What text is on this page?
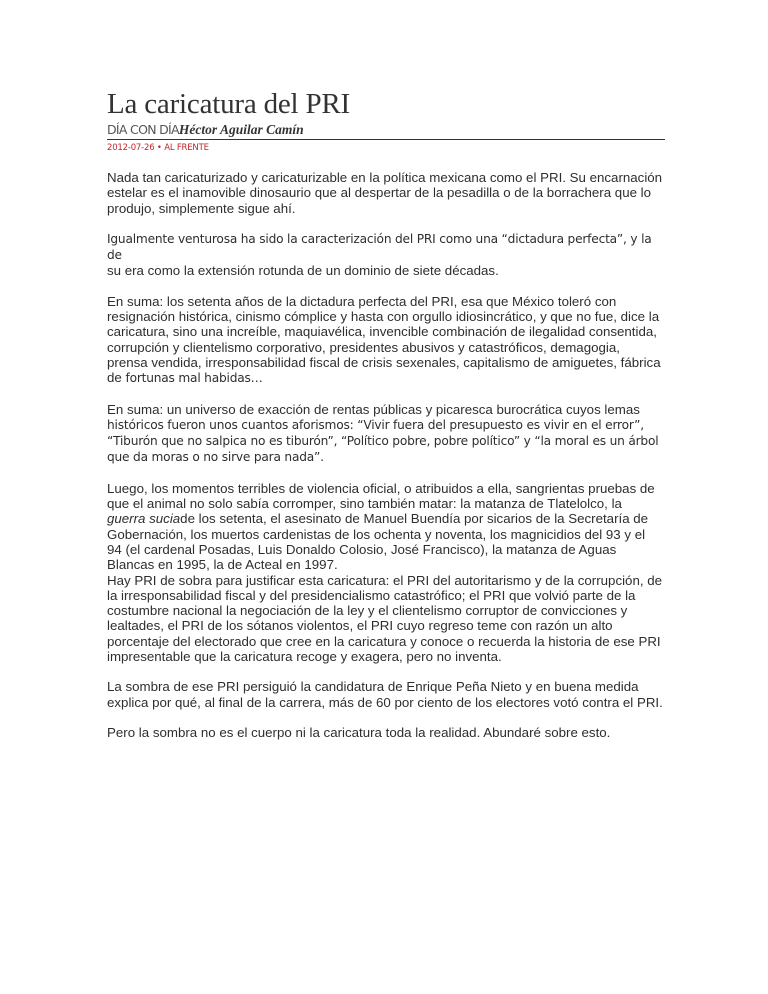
La caricatura del PRI
DÍA CON DÍAHéctor Aguilar Camín
2012-07-26 • AL FRENTE

Nada tan caricaturizado y caricaturizable en la política mexicana como el PRI. Su encarnación estelar es el inamovible dinosaurio que al despertar de la pesadilla o de la borrachera que lo produjo, simplemente sigue ahí.

Igualmente venturosa ha sido la caracterización del PRI como una “dictadura perfecta”, y la de
su era como la extensión rotunda de un dominio de siete décadas.

En suma: los setenta años de la dictadura perfecta del PRI, esa que México toleró con resignación histórica, cinismo cómplice y hasta con orgullo idiosincrático, y que no fue, dice la caricatura, sino una increíble, maquiavélica, invencible combinación de ilegalidad consentida, corrupción y clientelismo corporativo, presidentes abusivos y catastróficos, demagogia, prensa vendida, irresponsabilidad fiscal de crisis sexenales, capitalismo de amiguetes, fábrica de fortunas mal habidas…

En suma: un universo de exacción de rentas públicas y picaresca burocrática cuyos lemas históricos fueron unos cuantos aforismos: “Vivir fuera del presupuesto es vivir en el error”, “Tiburón que no salpica no es tiburón”, “Político pobre, pobre político” y “la moral es un árbol que da moras o no sirve para nada”.

Luego, los momentos terribles de violencia oficial, o atribuidos a ella, sangrientas pruebas de que el animal no solo sabía corromper, sino también matar: la matanza de Tlatelolco, la guerra suciade los setenta, el asesinato de Manuel Buendía por sicarios de la Secretaría de Gobernación, los muertos cardenistas de los ochenta y noventa, los magnicidios del 93 y el 94 (el cardenal Posadas, Luis Donaldo Colosio, José Francisco), la matanza de Aguas Blancas en 1995, la de Acteal en 1997.

Hay PRI de sobra para justificar esta caricatura: el PRI del autoritarismo y de la corrupción, de la irresponsabilidad fiscal y del presidencialismo catastrófico; el PRI que volvió parte de la costumbre nacional la negociación de la ley y el clientelismo corruptor de convicciones y lealtades, el PRI de los sótanos violentos, el PRI cuyo regreso teme con razón un alto porcentaje del electorado que cree en la caricatura y conoce o recuerda la historia de ese PRI impresentable que la caricatura recoge y exagera, pero no inventa.

La sombra de ese PRI persiguió la candidatura de Enrique Peña Nieto y en buena medida explica por qué, al final de la carrera, más de 60 por ciento de los electores votó contra el PRI.

Pero la sombra no es el cuerpo ni la caricatura toda la realidad. Abundaré sobre esto.
